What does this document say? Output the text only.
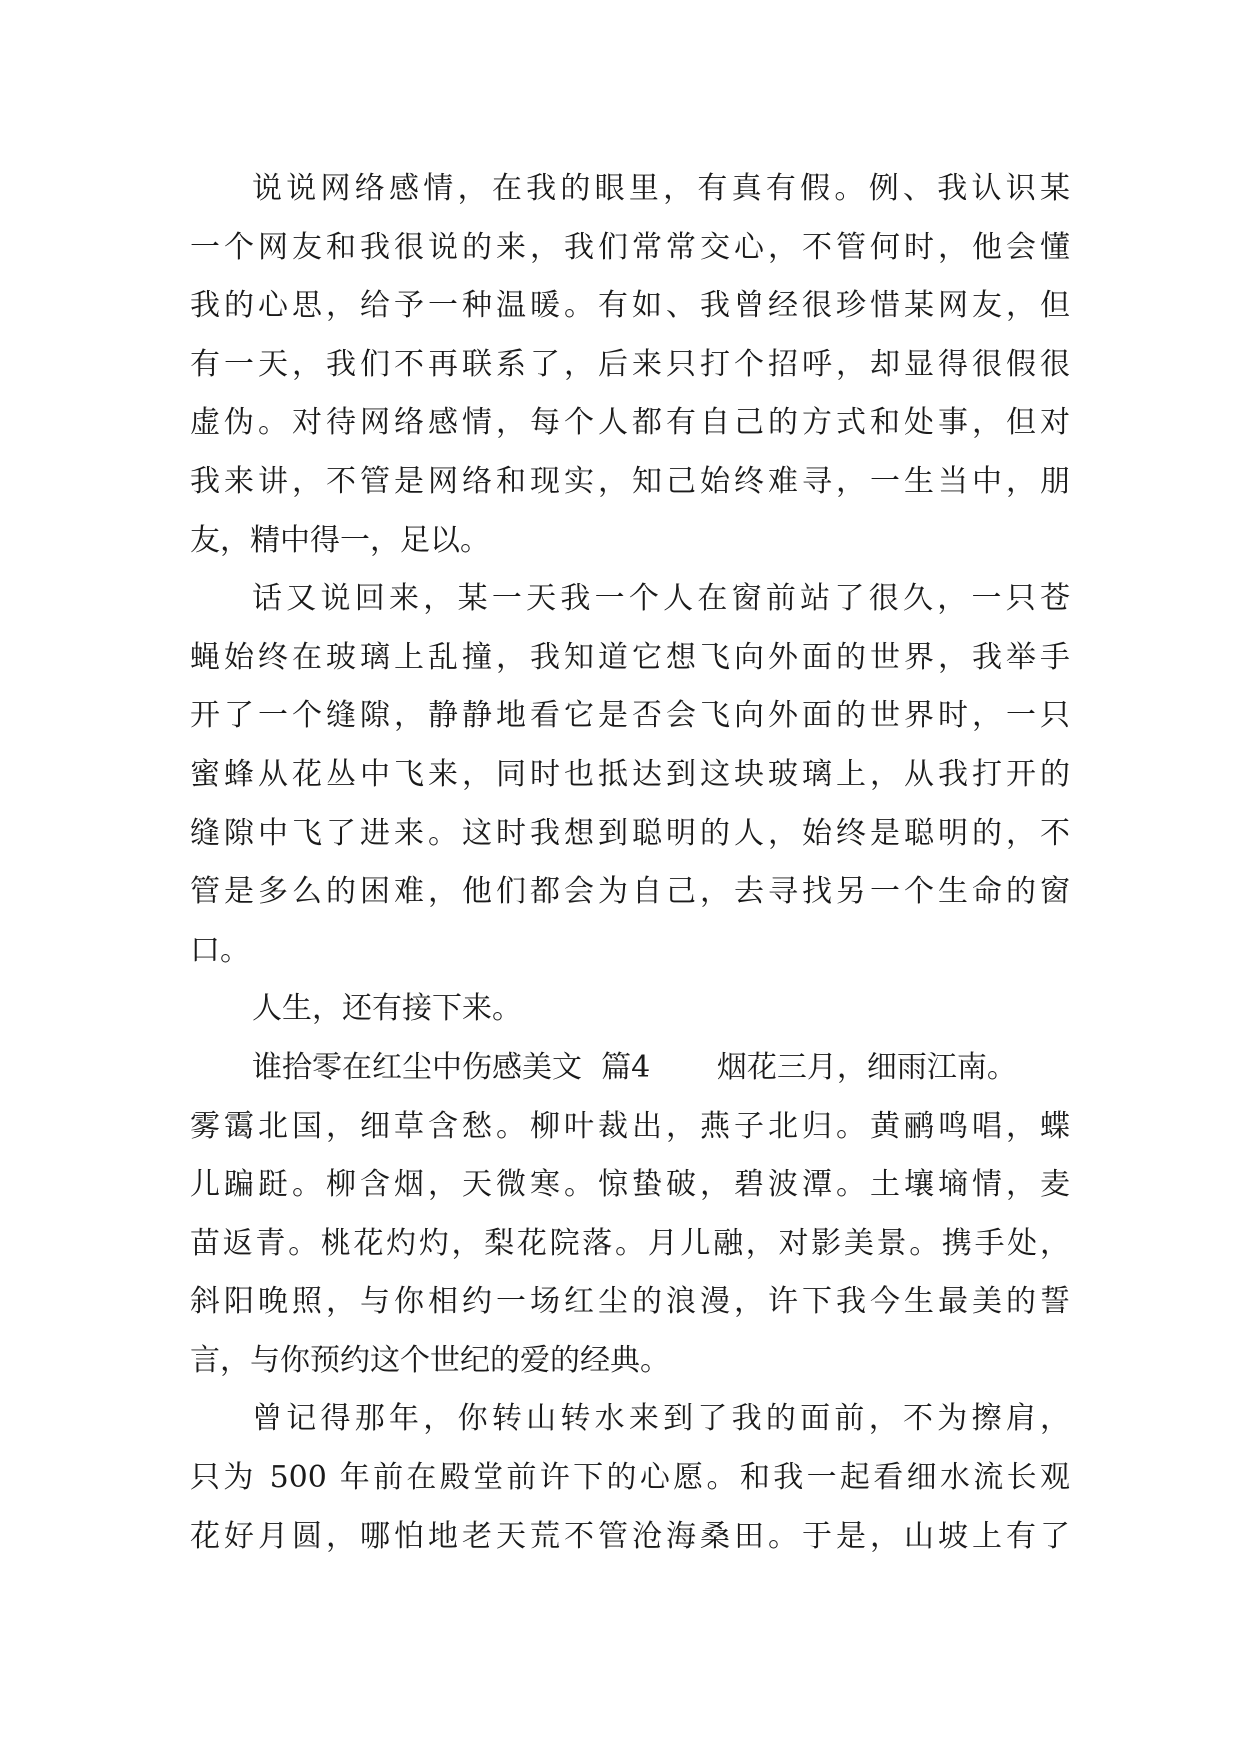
说说网络感情，在我的眼里，有真有假。例、我认识某
一个网友和我很说的来，我们常常交心，不管何时，他会懂
我的心思，给予一种温暖。有如、我曾经很珍惜某网友，但
有一天，我们不再联系了，后来只打个招呼，却显得很假很
虚伪。对待网络感情，每个人都有自己的方式和处事，但对
我来讲，不管是网络和现实，知己始终难寻，一生当中，朋
友，精中得一，足以。
话又说回来，某一天我一个人在窗前站了很久，一只苍
蝇始终在玻璃上乱撞，我知道它想飞向外面的世界，我举手
开了一个缝隙，静静地看它是否会飞向外面的世界时，一只
蜜蜂从花丛中飞来，同时也抵达到这块玻璃上，从我打开的
缝隙中飞了进来。这时我想到聪明的人，始终是聪明的，不
管是多么的困难，他们都会为自己，去寻找另一个生命的窗
口。
人生，还有接下来。
谁拾零在红尘中伤感美文  篇4       烟花三月，细雨江南。
雾霭北国，细草含愁。柳叶裁出，燕子北归。黄鹂鸣唱，蝶
儿蹁跹。柳含烟，天微寒。惊蛰破，碧波潭。土壤墒情，麦
苗返青。桃花灼灼，梨花院落。月儿融，对影美景。携手处，
斜阳晚照，与你相约一场红尘的浪漫，许下我今生最美的誓
言，与你预约这个世纪的爱的经典。
曾记得那年，你转山转水来到了我的面前，不为擦肩，
只为 500 年前在殿堂前许下的心愿。和我一起看细水流长观
花好月圆，哪怕地老天荒不管沧海桑田。于是，山坡上有了
